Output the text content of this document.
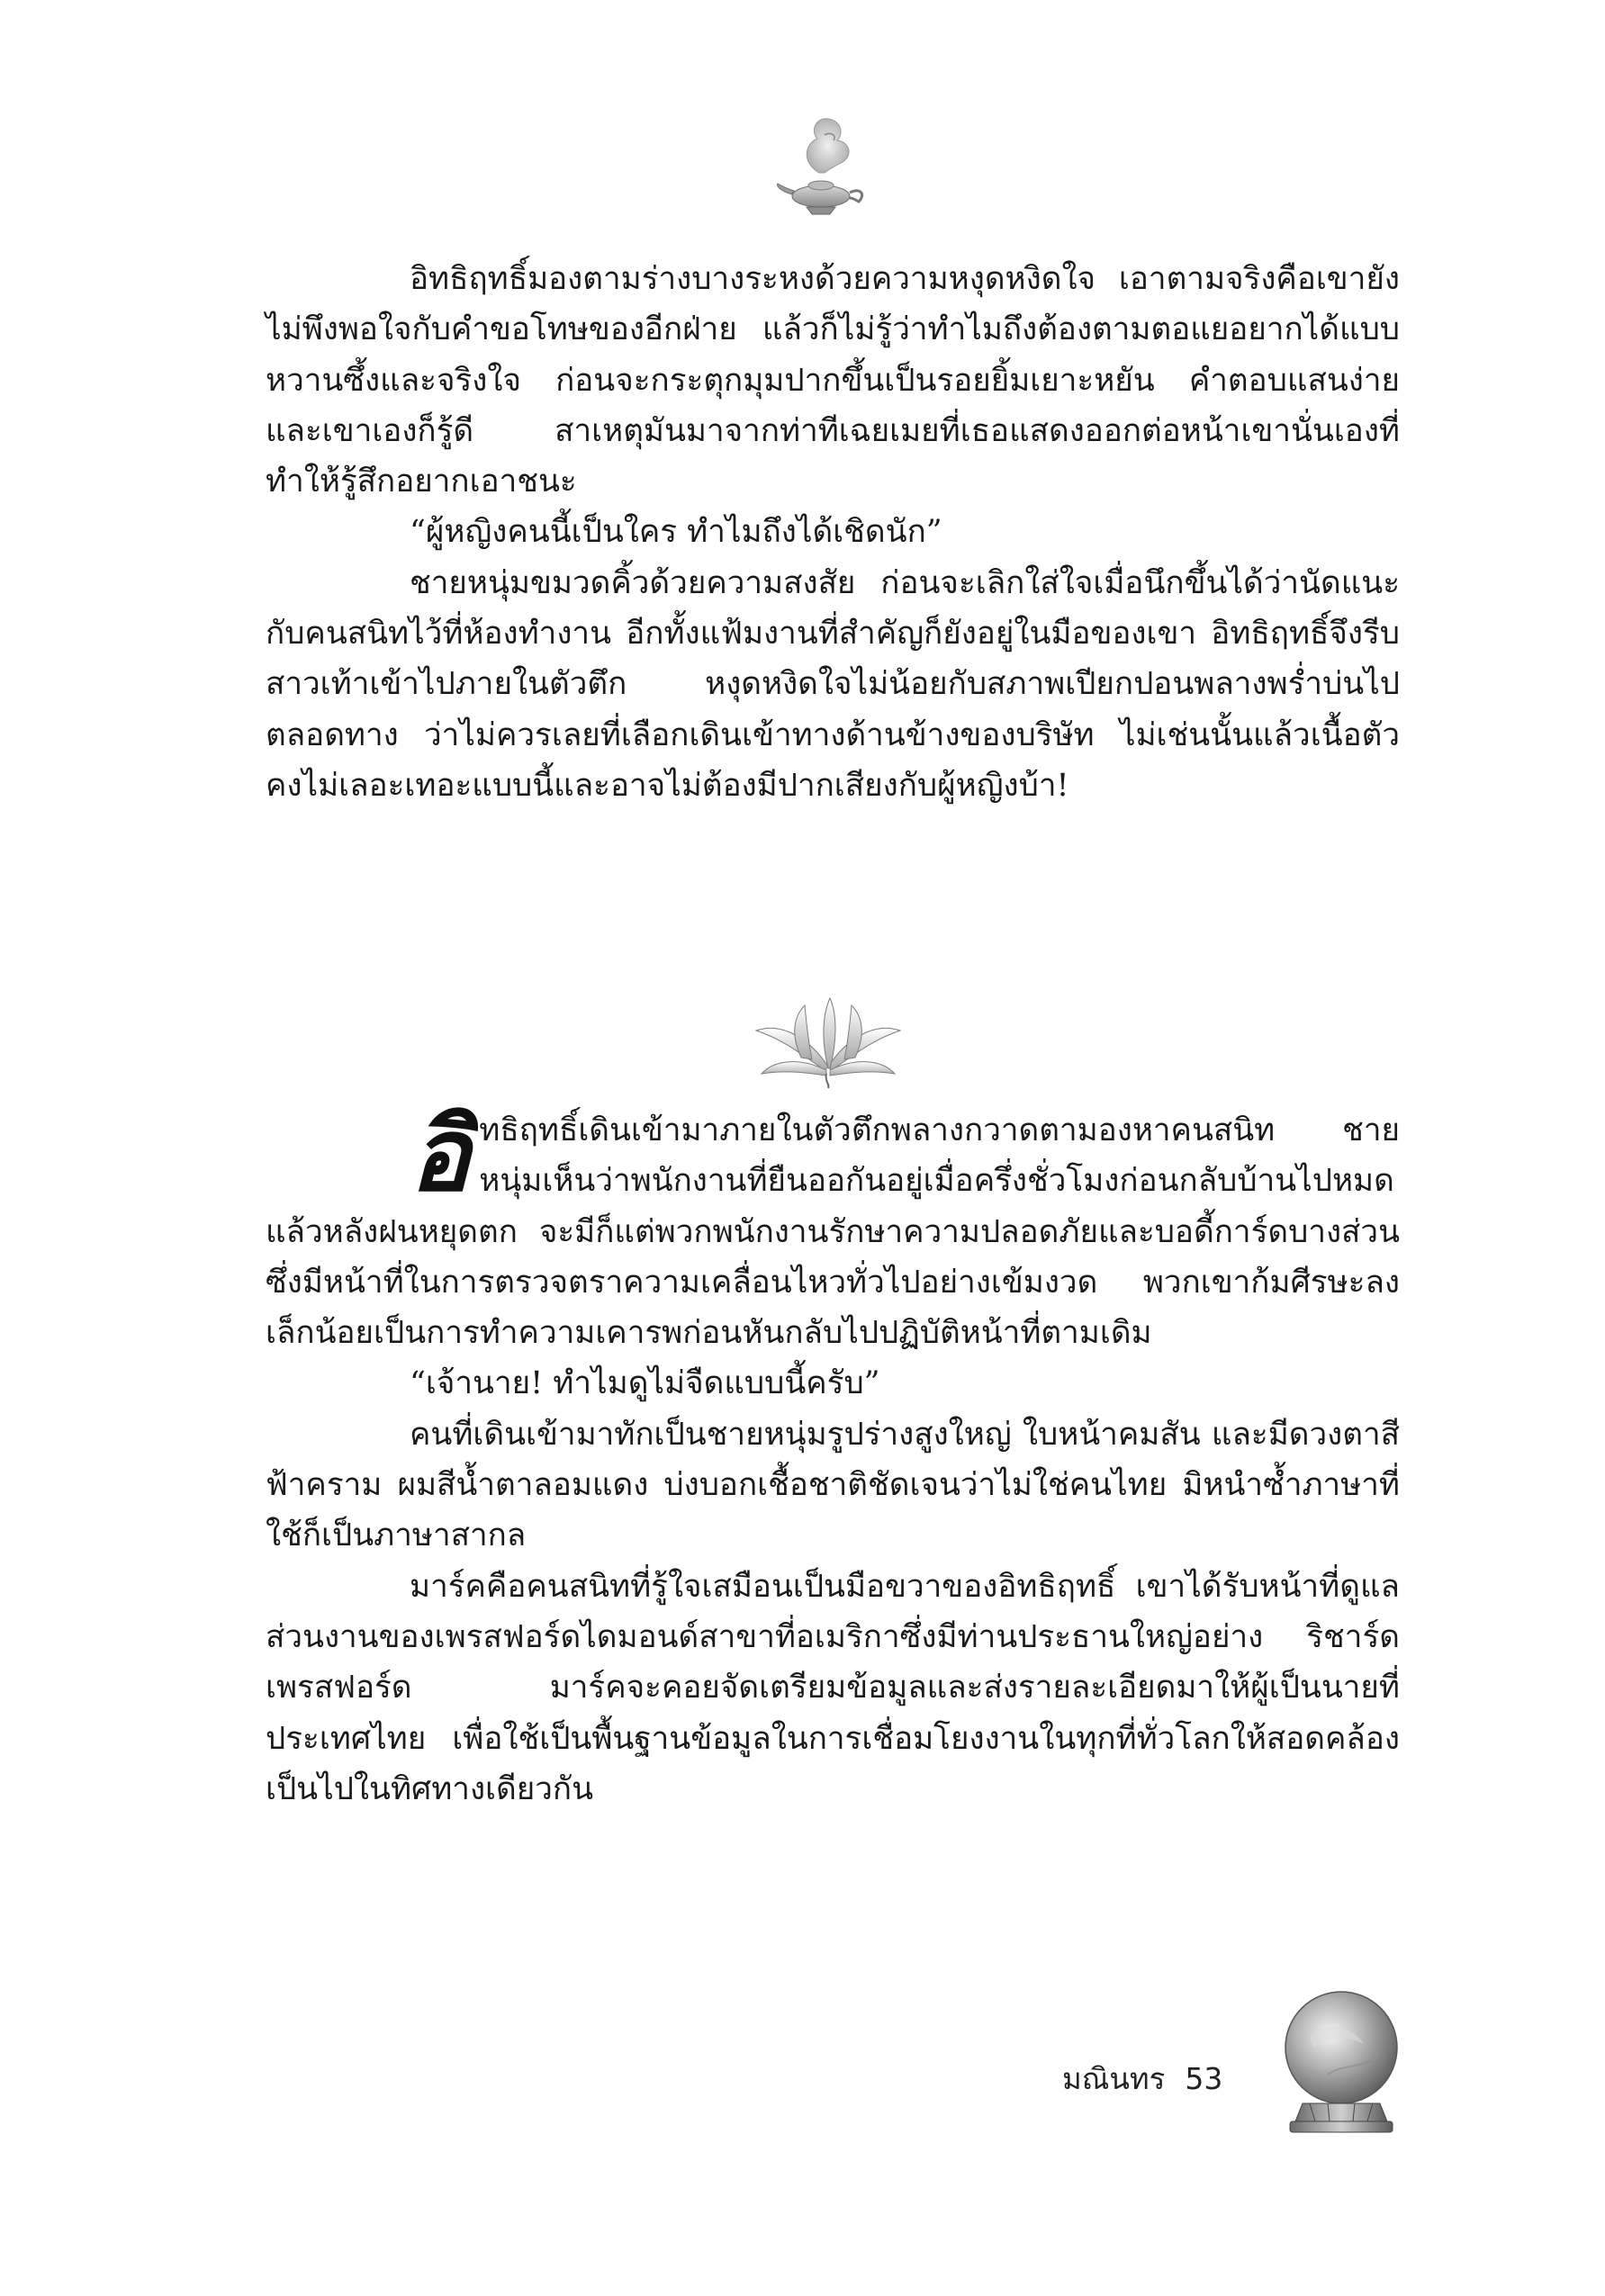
อิทธิฤทธิ์มองตามร่างบางระหงด้วยความหงุดหงิดใจ เอาตามจริงคือเขายังไม่พึงพอใจกับคำขอโทษของอีกฝ่าย แล้วก็ไม่รู้ว่าทำไมถึงต้องตามตอแยอยากได้แบบหวานซึ้งและจริงใจ ก่อนจะกระตุกมุมปากขึ้นเป็นรอยยิ้มเยาะหยัน คำตอบแสนง่ายและเขาเองก็รู้ดี สาเหตุมันมาจากท่าทีเฉยเมยที่เธอแสดงออกต่อหน้าเขานั่นเองที่ทำให้รู้สึกอยากเอาชนะ

“ผู้หญิงคนนี้เป็นใคร ทำไมถึงได้เชิดนัก”

ชายหนุ่มขมวดคิ้วด้วยความสงสัย ก่อนจะเลิกใส่ใจเมื่อนึกขึ้นได้ว่านัดแนะกับคนสนิทไว้ที่ห้องทำงาน อีกทั้งแฟ้มงานที่สำคัญก็ยังอยู่ในมือของเขา อิทธิฤทธิ์จึงรีบสาวเท้าเข้าไปภายในตัวตึก หงุดหงิดใจไม่น้อยกับสภาพเปียกปอนพลางพร่ำบ่นไปตลอดทาง ว่าไม่ควรเลยที่เลือกเดินเข้าทางด้านข้างของบริษัท ไม่เช่นนั้นแล้วเนื้อตัวคงไม่เลอะเทอะแบบนี้และอาจไม่ต้องมีปากเสียงกับผู้หญิงบ้า!

อิ ทธิฤทธิ์เดินเข้ามาภายในตัวตึกพลางกวาดตามองหาคนสนิท ชายหนุ่มเห็นว่าพนักงานที่ยืนออกันอยู่เมื่อครึ่งชั่วโมงก่อนกลับบ้านไปหมดแล้วหลังฝนหยุดตก จะมีก็แต่พวกพนักงานรักษาความปลอดภัยและบอดี้การ์ดบางส่วน ซึ่งมีหน้าที่ในการตรวจตราความเคลื่อนไหวทั่วไปอย่างเข้มงวด พวกเขาก้มศีรษะลงเล็กน้อยเป็นการทำความเคารพก่อนหันกลับไปปฏิบัติหน้าที่ตามเดิม

“เจ้านาย! ทำไมดูไม่จืดแบบนี้ครับ”

คนที่เดินเข้ามาทักเป็นชายหนุ่มรูปร่างสูงใหญ่ ใบหน้าคมสัน และมีดวงตาสีฟ้าคราม ผมสีน้ำตาลอมแดง บ่งบอกเชื้อชาติชัดเจนว่าไม่ใช่คนไทย มิหนำซ้ำภาษาที่ใช้ก็เป็นภาษาสากล

มาร์คคือคนสนิทที่รู้ใจเสมือนเป็นมือขวาของอิทธิฤทธิ์ เขาได้รับหน้าที่ดูแลส่วนงานของเพรสฟอร์ดไดมอนด์สาขาที่อเมริกาซึ่งมีท่านประธานใหญ่อย่าง ริชาร์ด เพรสฟอร์ด มาร์คจะคอยจัดเตรียมข้อมูลและส่งรายละเอียดมาให้ผู้เป็นนายที่ประเทศไทย เพื่อใช้เป็นพื้นฐานข้อมูลในการเชื่อมโยงงานในทุกที่ทั่วโลกให้สอดคล้องเป็นไปในทิศทางเดียวกัน

มณินทร 53
